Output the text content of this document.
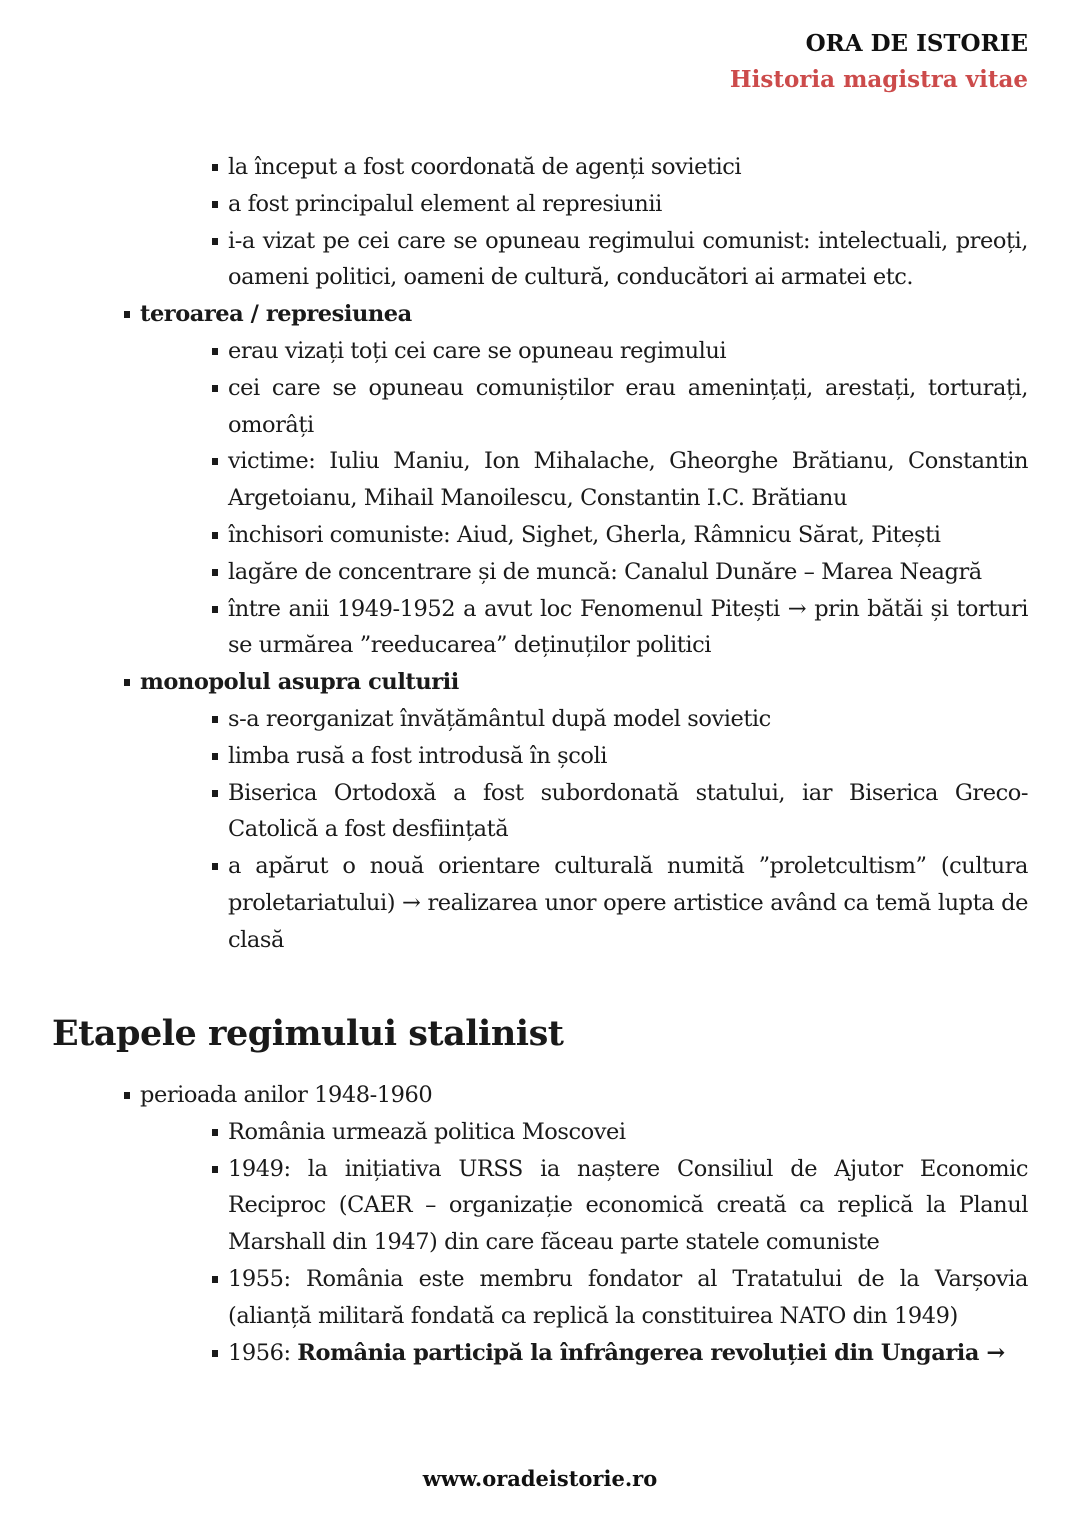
ORA DE ISTORIE
Historia magistra vitae
la început a fost coordonată de agenți sovietici
a fost principalul element al represiunii
i-a vizat pe cei care se opuneau regimului comunist: intelectuali, preoți, oameni politici, oameni de cultură, conducători ai armatei etc.
teroarea / represiunea
erau vizați toți cei care se opuneau regimului
cei care se opuneau comuniștilor erau amenințați, arestați, torturați, omorâți
victime: Iuliu Maniu, Ion Mihalache, Gheorghe Brătianu, Constantin Argetoianu, Mihail Manoilescu, Constantin I.C. Brătianu
închisori comuniste: Aiud, Sighet, Gherla, Râmnicu Sărat, Pitești
lagăre de concentrare și de muncă: Canalul Dunăre – Marea Neagră
între anii 1949-1952 a avut loc Fenomenul Pitești → prin bătăi și torturi se urmărea ”reeducarea” deținuților politici
monopolul asupra culturii
s-a reorganizat învățământul după model sovietic
limba rusă a fost introdusă în școli
Biserica Ortodoxă a fost subordonată statului, iar Biserica Greco-Catolică a fost desființată
a apărut o nouă orientare culturală numită ”proletcultism” (cultura proletariatului) → realizarea unor opere artistice având ca temă lupta de clasă
Etapele regimului stalinist
perioada anilor 1948-1960
România urmează politica Moscovei
1949: la inițiativa URSS ia naștere Consiliul de Ajutor Economic Reciproc (CAER – organizație economică creată ca replică la Planul Marshall din 1947) din care făceau parte statele comuniste
1955: România este membru fondator al Tratatului de la Varșovia (alianță militară fondată ca replică la constituirea NATO din 1949)
1956: România participă la înfrângerea revoluției din Ungaria →
www.oradeistorie.ro
